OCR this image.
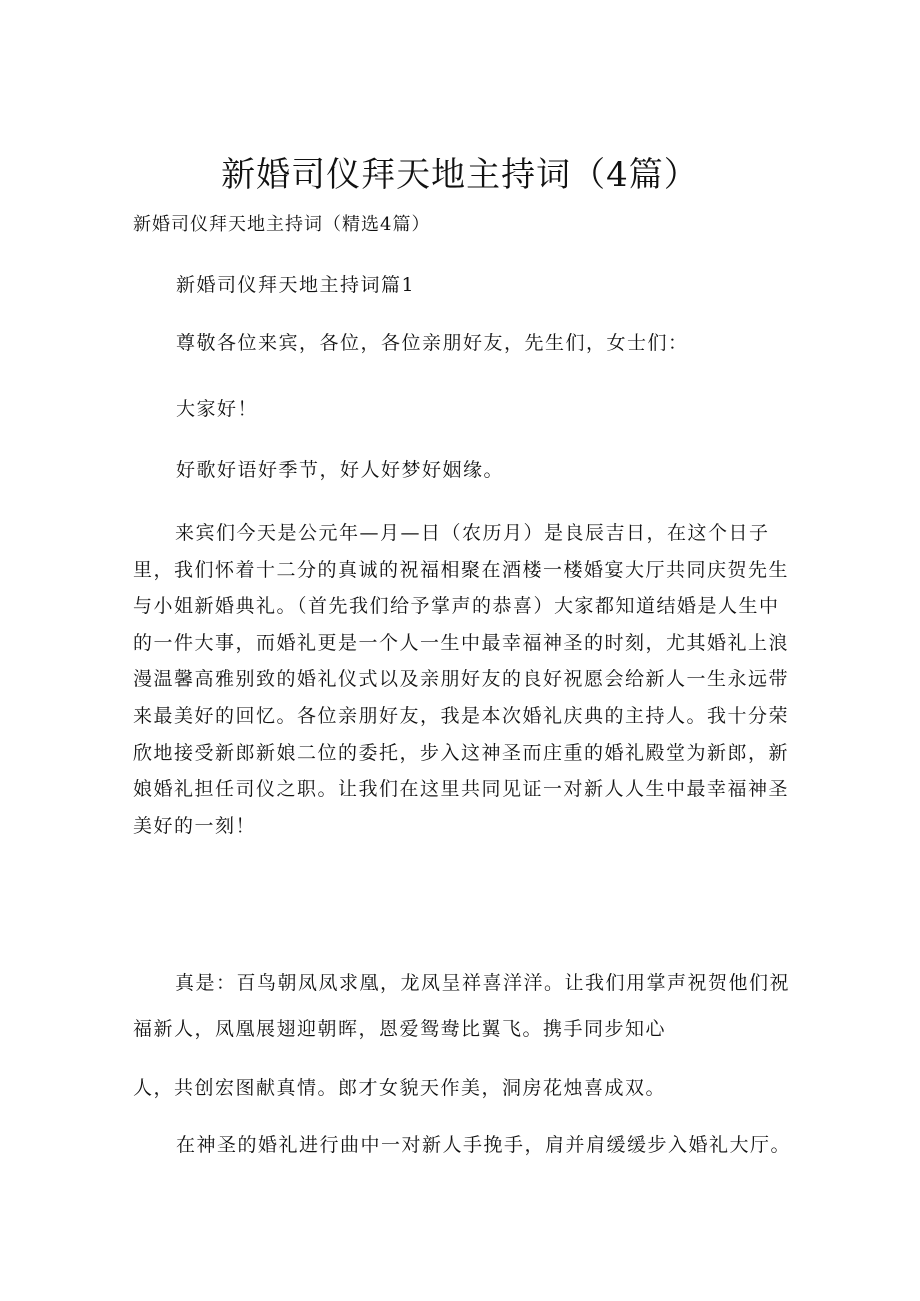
新婚司仪拜天地主持词（4篇）

新婚司仪拜天地主持词（精选4篇）

新婚司仪拜天地主持词篇1

尊敬各位来宾，各位，各位亲朋好友，先生们，女士们：

大家好！

好歌好语好季节，好人好梦好姻缘。

来宾们今天是公元年—月—日（农历月）是良辰吉日，在这个日子里，我们怀着十二分的真诚的祝福相聚在酒楼一楼婚宴大厅共同庆贺先生与小姐新婚典礼。（首先我们给予掌声的恭喜）大家都知道结婚是人生中的一件大事，而婚礼更是一个人一生中最幸福神圣的时刻，尤其婚礼上浪漫温馨高雅别致的婚礼仪式以及亲朋好友的良好祝愿会给新人一生永远带来最美好的回忆。各位亲朋好友，我是本次婚礼庆典的主持人。我十分荣欣地接受新郎新娘二位的委托，步入这神圣而庄重的婚礼殿堂为新郎，新娘婚礼担任司仪之职。让我们在这里共同见证一对新人人生中最幸福神圣美好的一刻！

真是：百鸟朝凤凤求凰，龙凤呈祥喜洋洋。让我们用掌声祝贺他们祝福新人，凤凰展翅迎朝晖，恩爱鸳鸯比翼飞。携手同步知心

人，共创宏图献真情。郎才女貌天作美，洞房花烛喜成双。

在神圣的婚礼进行曲中一对新人手挽手，肩并肩缓缓步入婚礼大厅。
